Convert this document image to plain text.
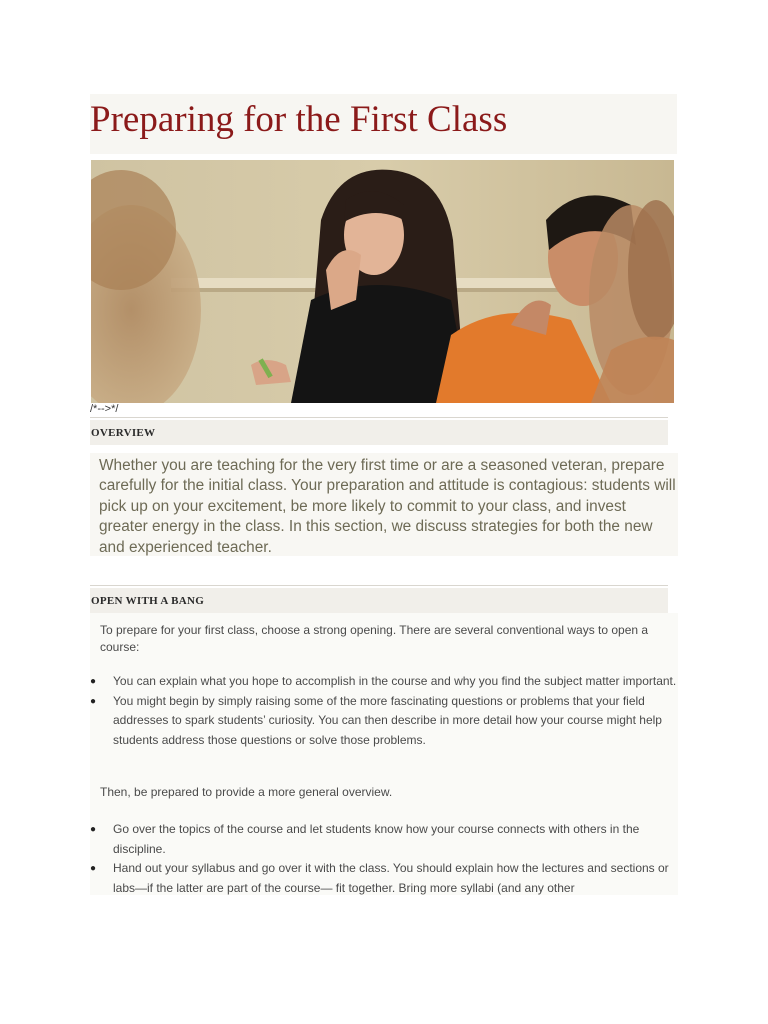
Preparing for the First Class
/*-->*/
OVERVIEW

Whether you are teaching for the very first time or are a seasoned veteran, prepare carefully for the initial class. Your preparation and attitude is contagious: students will pick up on your excitement, be more likely to commit to your class, and invest greater energy in the class. In this section, we discuss strategies for both the new and experienced teacher.

OPEN WITH A BANG

To prepare for your first class, choose a strong opening. There are several conventional ways to open a course:

● You can explain what you hope to accomplish in the course and why you find the subject matter important.
● You might begin by simply raising some of the more fascinating questions or problems that your field addresses to spark students’ curiosity. You can then describe in more detail how your course might help students address those questions or solve those problems.

Then, be prepared to provide a more general overview.

● Go over the topics of the course and let students know how your course connects with others in the discipline.
● Hand out your syllabus and go over it with the class. You should explain how the lectures and sections or labs—if the latter are part of the course— fit together. Bring more syllabi (and any other
